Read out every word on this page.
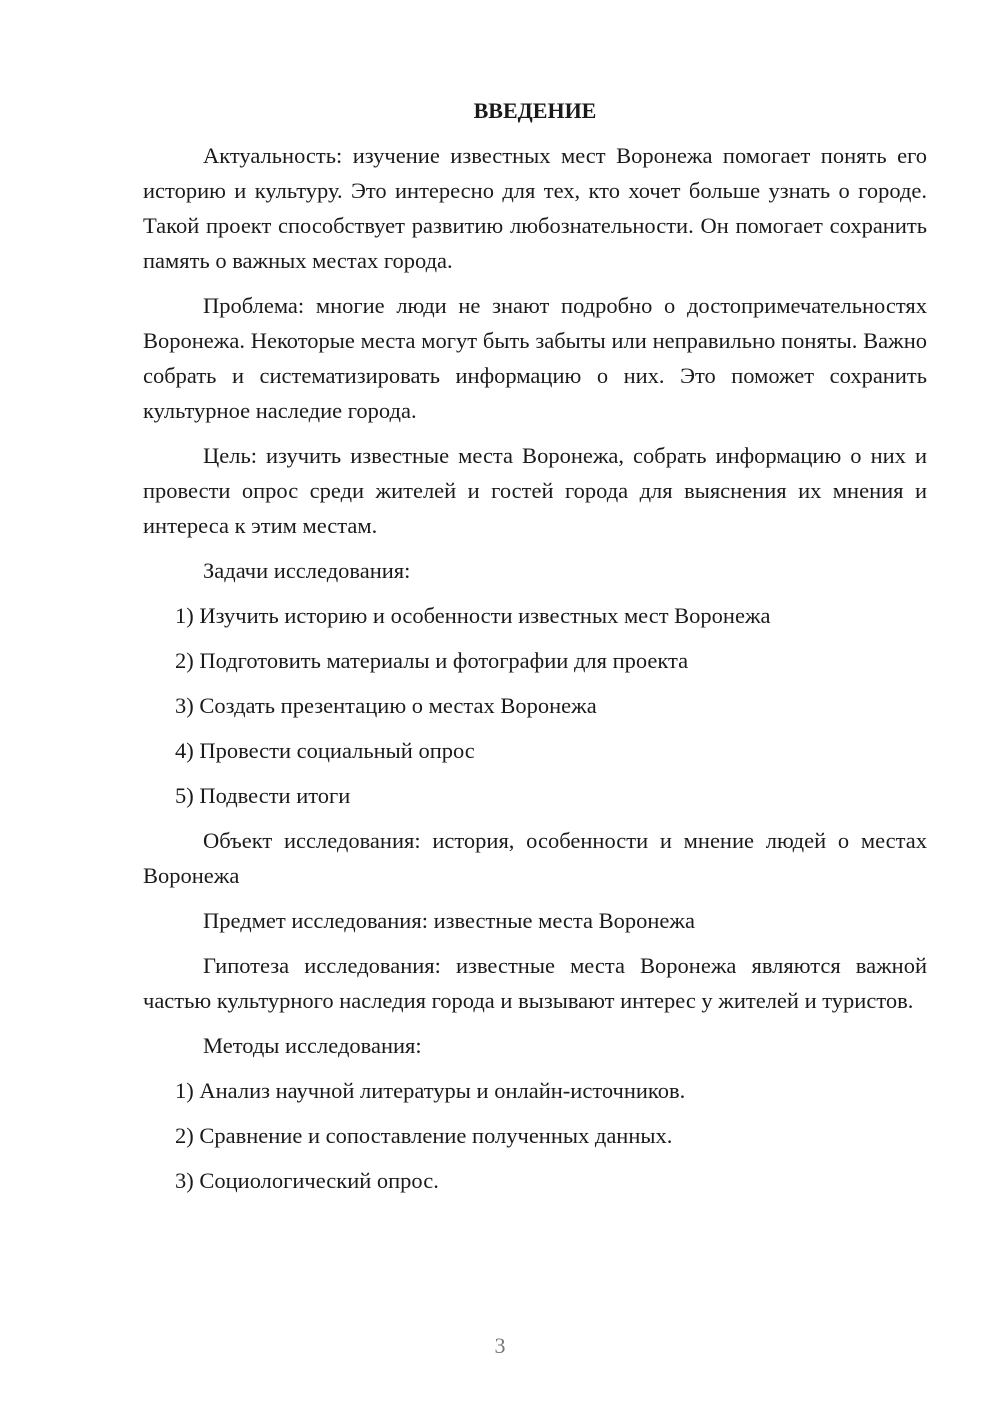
ВВЕДЕНИЕ

Актуальность: изучение известных мест Воронежа помогает понять его историю и культуру. Это интересно для тех, кто хочет больше узнать о городе. Такой проект способствует развитию любознательности. Он помогает сохранить память о важных местах города.

Проблема: многие люди не знают подробно о достопримечательностях Воронежа. Некоторые места могут быть забыты или неправильно поняты. Важно собрать и систематизировать информацию о них. Это поможет сохранить культурное наследие города.

Цель: изучить известные места Воронежа, собрать информацию о них и провести опрос среди жителей и гостей города для выяснения их мнения и интереса к этим местам.

Задачи исследования:

1) Изучить историю и особенности известных мест Воронежа
2) Подготовить материалы и фотографии для проекта
3) Создать презентацию о местах Воронежа
4) Провести социальный опрос
5) Подвести итоги

Объект исследования: история, особенности и мнение людей о местах Воронежа

Предмет исследования: известные места Воронежа

Гипотеза исследования: известные места Воронежа являются важной частью культурного наследия города и вызывают интерес у жителей и туристов.

Методы исследования:

1) Анализ научной литературы и онлайн-источников.
2) Сравнение и сопоставление полученных данных.
3) Социологический опрос.
3
